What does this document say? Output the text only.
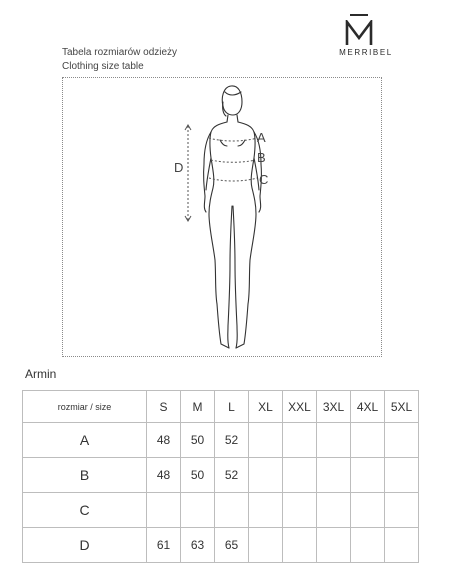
MERRIBEL
Tabela rozmiarów odzieży
Clothing size table
A
B
C
D
Armin
rozmiar / size	S	M	L	XL	XXL	3XL	4XL	5XL
A	48	50	52					
B	48	50	52					
C								
D	61	63	65					
